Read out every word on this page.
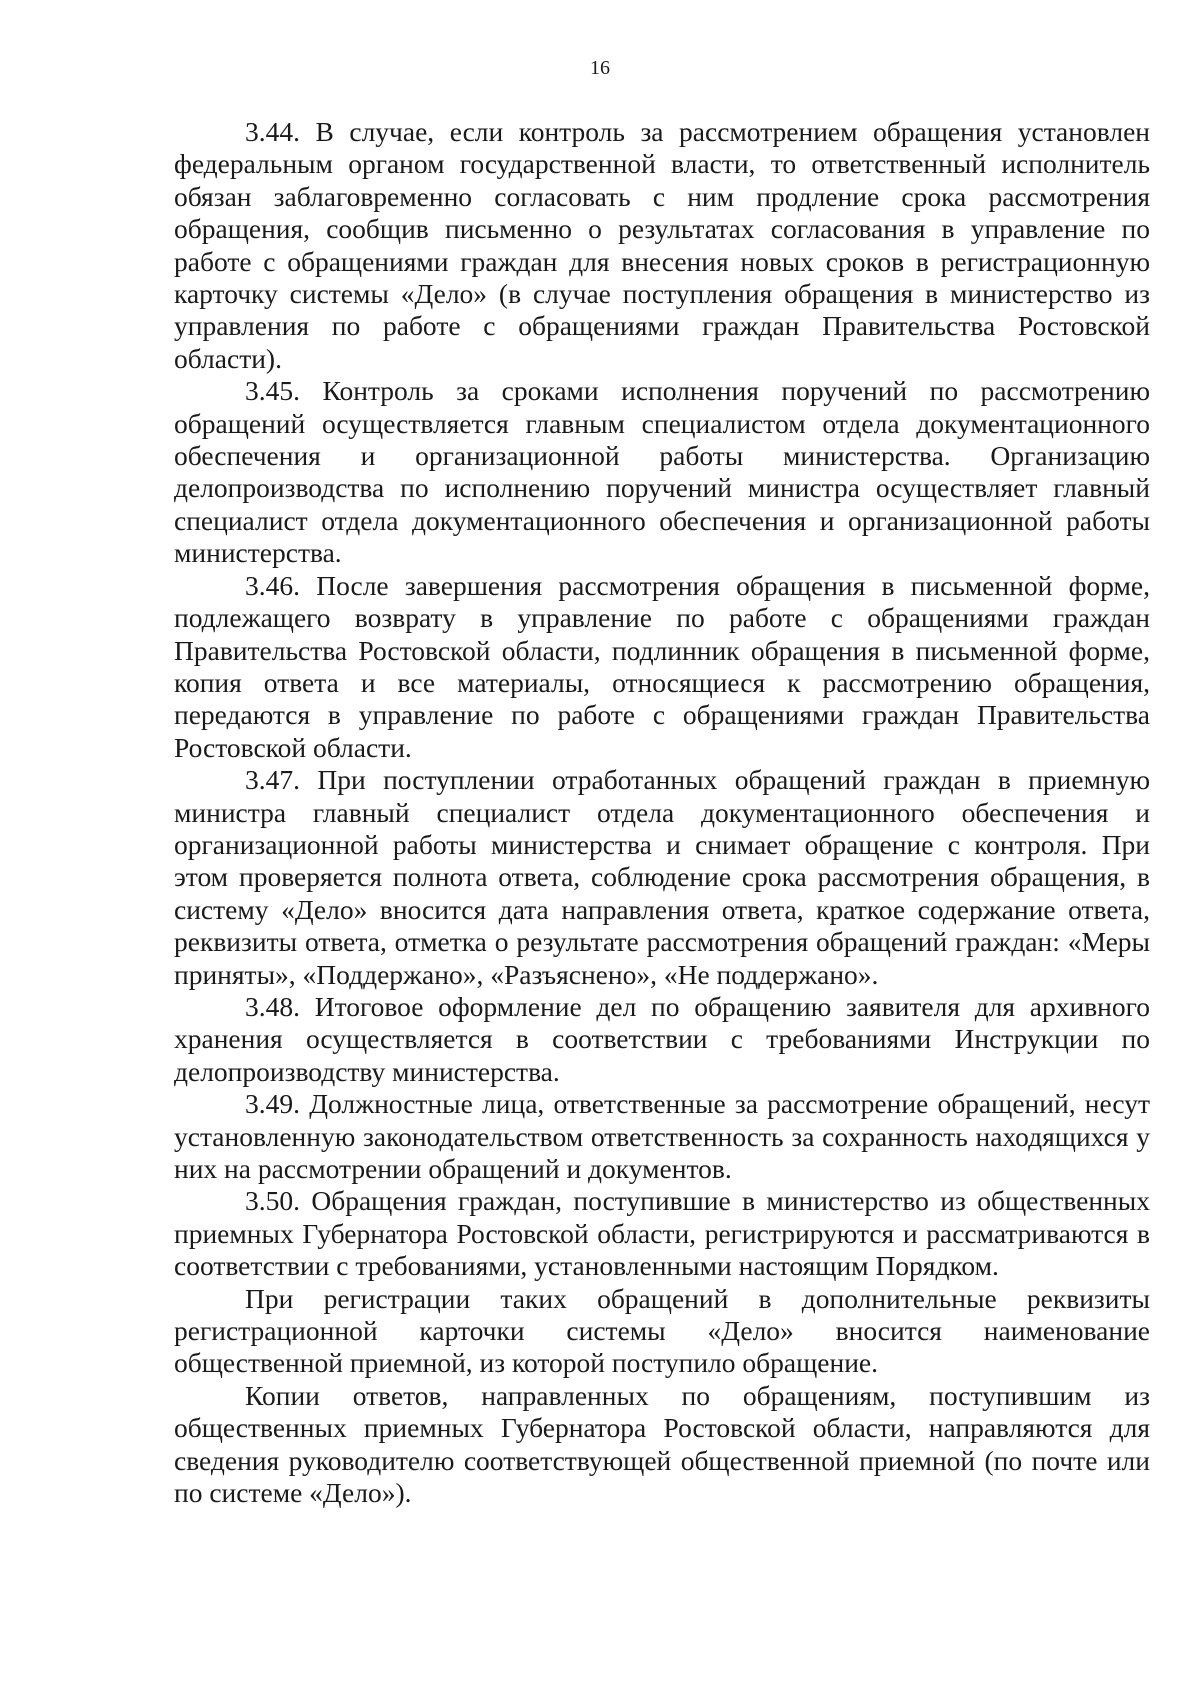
16

3.44. В случае, если контроль за рассмотрением обращения установлен федеральным органом государственной власти, то ответственный исполнитель обязан заблаговременно согласовать с ним продление срока рассмотрения обращения, сообщив письменно о результатах согласования в управление по работе с обращениями граждан для внесения новых сроков в регистрационную карточку системы «Дело» (в случае поступления обращения в министерство из управления по работе с обращениями граждан Правительства Ростовской области).

3.45. Контроль за сроками исполнения поручений по рассмотрению обращений осуществляется главным специалистом отдела документационного обеспечения и организационной работы министерства. Организацию делопроизводства по исполнению поручений министра осуществляет главный специалист отдела документационного обеспечения и организационной работы министерства.

3.46. После завершения рассмотрения обращения в письменной форме, подлежащего возврату в управление по работе с обращениями граждан Правительства Ростовской области, подлинник обращения в письменной форме, копия ответа и все материалы, относящиеся к рассмотрению обращения, передаются в управление по работе с обращениями граждан Правительства Ростовской области.

3.47. При поступлении отработанных обращений граждан в приемную министра главный специалист отдела документационного обеспечения и организационной работы министерства и снимает обращение с контроля. При этом проверяется полнота ответа, соблюдение срока рассмотрения обращения, в систему «Дело» вносится дата направления ответа, краткое содержание ответа, реквизиты ответа, отметка о результате рассмотрения обращений граждан: «Меры приняты», «Поддержано», «Разъяснено», «Не поддержано».

3.48. Итоговое оформление дел по обращению заявителя для архивного хранения осуществляется в соответствии с требованиями Инструкции по делопроизводству министерства.

3.49. Должностные лица, ответственные за рассмотрение обращений, несут установленную законодательством ответственность за сохранность находящихся у них на рассмотрении обращений и документов.

3.50. Обращения граждан, поступившие в министерство из общественных приемных Губернатора Ростовской области, регистрируются и рассматриваются в соответствии с требованиями, установленными настоящим Порядком.

При регистрации таких обращений в дополнительные реквизиты регистрационной карточки системы «Дело» вносится наименование общественной приемной, из которой поступило обращение.

Копии ответов, направленных по обращениям, поступившим из общественных приемных Губернатора Ростовской области, направляются для сведения руководителю соответствующей общественной приемной (по почте или по системе «Дело»).
